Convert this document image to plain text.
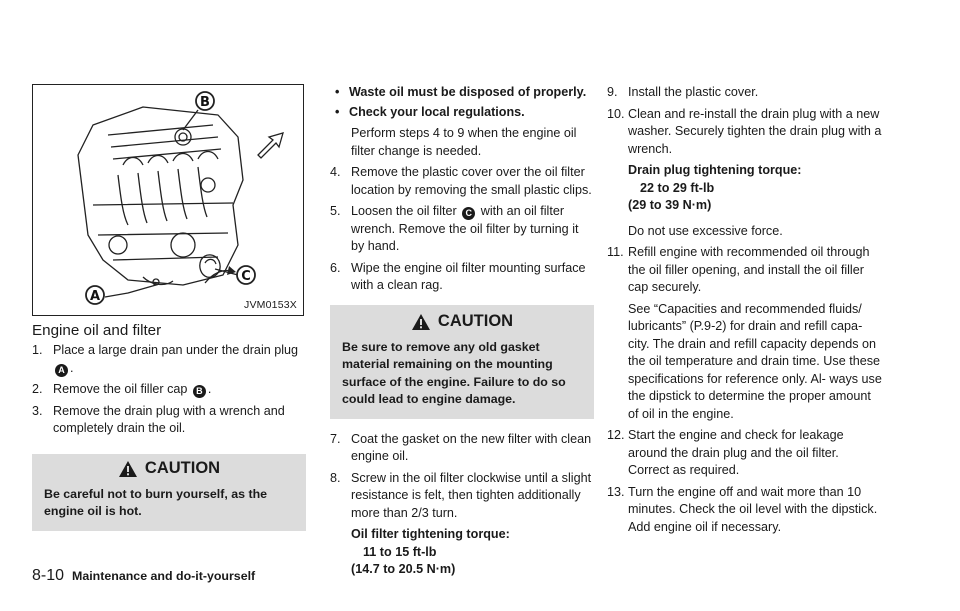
B
C
A
JVM0153X
Engine oil and filter
1. Place a large drain pan under the drain plug
A .
2. Remove the oil filler cap B .
3. Remove the drain plug with a wrench and completely drain the oil.
CAUTION
Be careful not to burn yourself, as the engine oil is hot.
• Waste oil must be disposed of properly.
• Check your local regulations.
Perform steps 4 to 9 when the engine oil filter change is needed.
4. Remove the plastic cover over the oil filter location by removing the small plastic clips.
5. Loosen the oil filter C with an oil filter wrench. Remove the oil filter by turning it by hand.
6. Wipe the engine oil filter mounting surface with a clean rag.
CAUTION
Be sure to remove any old gasket material remaining on the mounting surface of the engine. Failure to do so could lead to engine damage.
7. Coat the gasket on the new filter with clean engine oil.
8. Screw in the oil filter clockwise until a slight resistance is felt, then tighten additionally more than 2/3 turn.
Oil filter tightening torque:
11 to 15 ft-lb
(14.7 to 20.5 N·m)
9. Install the plastic cover.
10. Clean and re-install the drain plug with a new washer. Securely tighten the drain plug with a wrench.
Drain plug tightening torque:
22 to 29 ft-lb
(29 to 39 N·m)
Do not use excessive force.
11. Refill engine with recommended oil through the oil filler opening, and install the oil filler cap securely.
See “Capacities and recommended fluids/ lubricants” (P.9-2) for drain and refill capa- city. The drain and refill capacity depends on the oil temperature and drain time. Use these specifications for reference only. Al- ways use the dipstick to determine the proper amount of oil in the engine.
12. Start the engine and check for leakage around the drain plug and the oil filter. Correct as required.
13. Turn the engine off and wait more than 10 minutes. Check the oil level with the dipstick. Add engine oil if necessary.
8-10 Maintenance and do-it-yourself
